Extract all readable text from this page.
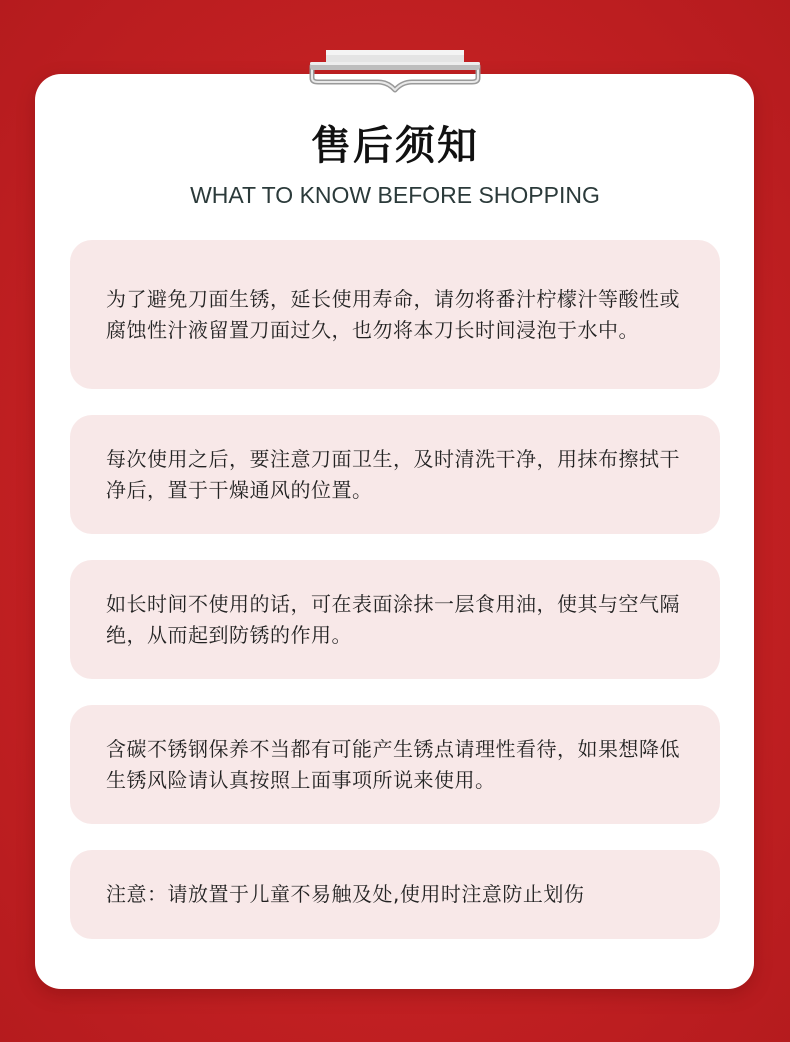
售后须知
WHAT TO KNOW BEFORE SHOPPING
为了避免刀面生锈，延长使用寿命，请勿将番汁柠檬汁等酸性或腐蚀性汁液留置刀面过久，也勿将本刀长时间浸泡于水中。
每次使用之后，要注意刀面卫生，及时清洗干净，用抹布擦拭干净后，置于干燥通风的位置。
如长时间不使用的话，可在表面涂抹一层食用油，使其与空气隔绝，从而起到防锈的作用。
含碳不锈钢保养不当都有可能产生锈点请理性看待，如果想降低生锈风险请认真按照上面事项所说来使用。
注意：请放置于儿童不易触及处,使用时注意防止划伤
